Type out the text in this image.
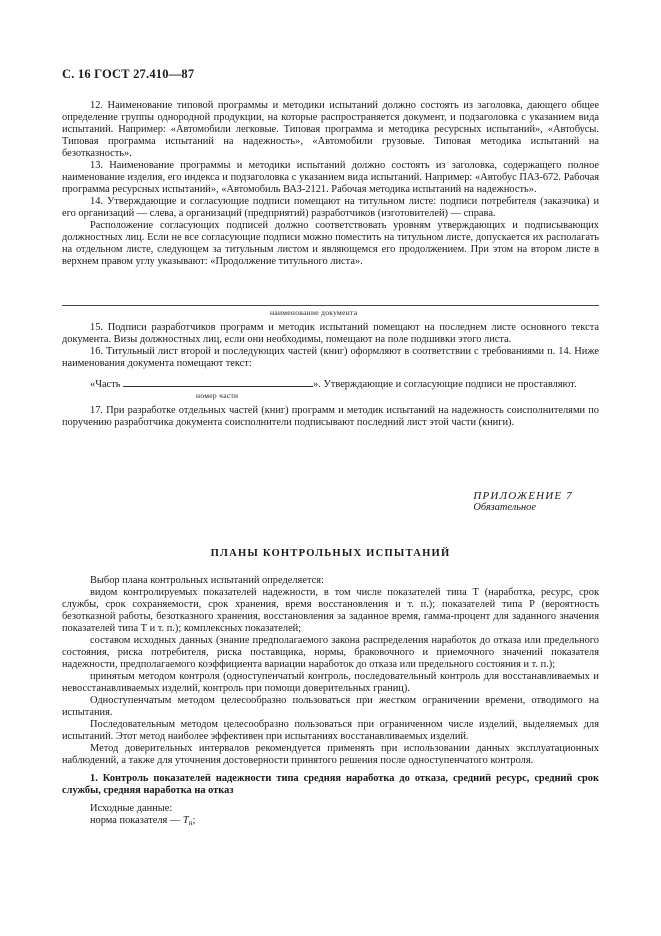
С. 16 ГОСТ 27.410—87

12. Наименование типовой программы и методики испытаний должно состоять из заголовка, дающего общее определение группы однородной продукции, на которые распространяется документ, и подзаголовка с указанием вида испытаний. Например: «Автомобили легковые. Типовая программа и методика ресурсных испытаний», «Автобусы. Типовая программа испытаний на надежность», «Автомобили грузовые. Типовая методика испытаний на безотказность».

13. Наименование программы и методики испытаний должно состоять из заголовка, содержащего полное наименование изделия, его индекса и подзаголовка с указанием вида испытаний. Например: «Автобус ПАЗ-672. Рабочая программа ресурсных испытаний», «Автомобиль ВАЗ-2121. Рабочая методика испытаний на надежность».

14. Утверждающие и согласующие подписи помещают на титульном листе: подписи потребителя (заказчика) и его организаций — слева, а организаций (предприятий) разработчиков (изготовителей) — справа.

Расположение согласующих подписей должно соответствовать уровням утверждающих и подписывающих должностных лиц. Если не все согласующие подписи можно поместить на титульном листе, допускается их располагать на отдельном листе, следующем за титульным листом и являющемся его продолжением. При этом на втором листе в верхнем правом углу указывают: «Продолжение титульного листа».

наименование документа

15. Подписи разработчиков программ и методик испытаний помещают на последнем листе основного текста документа. Визы должностных лиц, если они необходимы, помещают на поле подшивки этого листа.

16. Титульный лист второй и последующих частей (книг) оформляют в соответствии с требованиями п. 14. Ниже наименования документа помещают текст:

«Часть	». Утверждающие и согласующие подписи не проставляют.

номер части

17. При разработке отдельных частей (книг) программ и методик испытаний на надежность соисполнителями по поручению разработчика документа соисполнители подписывают последний лист этой части (книги).

ПРИЛОЖЕНИЕ 7
Обязательное
ПЛАНЫ КОНТРОЛЬНЫХ ИСПЫТАНИЙ

Выбор плана контрольных испытаний определяется:

видом контролируемых показателей надежности, в том числе показателей типа Т (наработка, ресурс, срок службы, срок сохраняемости, срок хранения, время восстановления и т. п.); показателей типа Р (вероятность безотказной работы, безотказного хранения, восстановления за заданное время, гамма-процент для заданного значения показателей типа Т и т. п.); комплексных показателей;

составом исходных данных (знание предполагаемого закона распределения наработок до отказа или предельного состояния, риска потребителя, риска поставщика, нормы, браковочного и приемочного значений показателя надежности, предполагаемого коэффициента вариации наработок до отказа или предельного состояния и т. п.);

принятым методом контроля (одноступенчатый контроль, последовательный контроль для восстанавливаемых и невосстанавливаемых изделий, контроль при помощи доверительных границ).

Одноступенчатым методом целесообразно пользоваться при жестком ограничении времени, отводимого на испытания.

Последовательным методом целесообразно пользоваться при ограниченном числе изделий, выделяемых для испытаний. Этот метод наиболее эффективен при испытаниях восстанавливаемых изделий.

Метод доверительных интервалов рекомендуется применять при использовании данных эксплуатационных наблюдений, а также для уточнения достоверности принятого решения после одноступенчатого контроля.

1. Контроль показателей надежности типа средняя наработка до отказа, средний ресурс, средний срок службы, средняя наработка на отказ

Исходные данные:

норма показателя — $T_н$;
